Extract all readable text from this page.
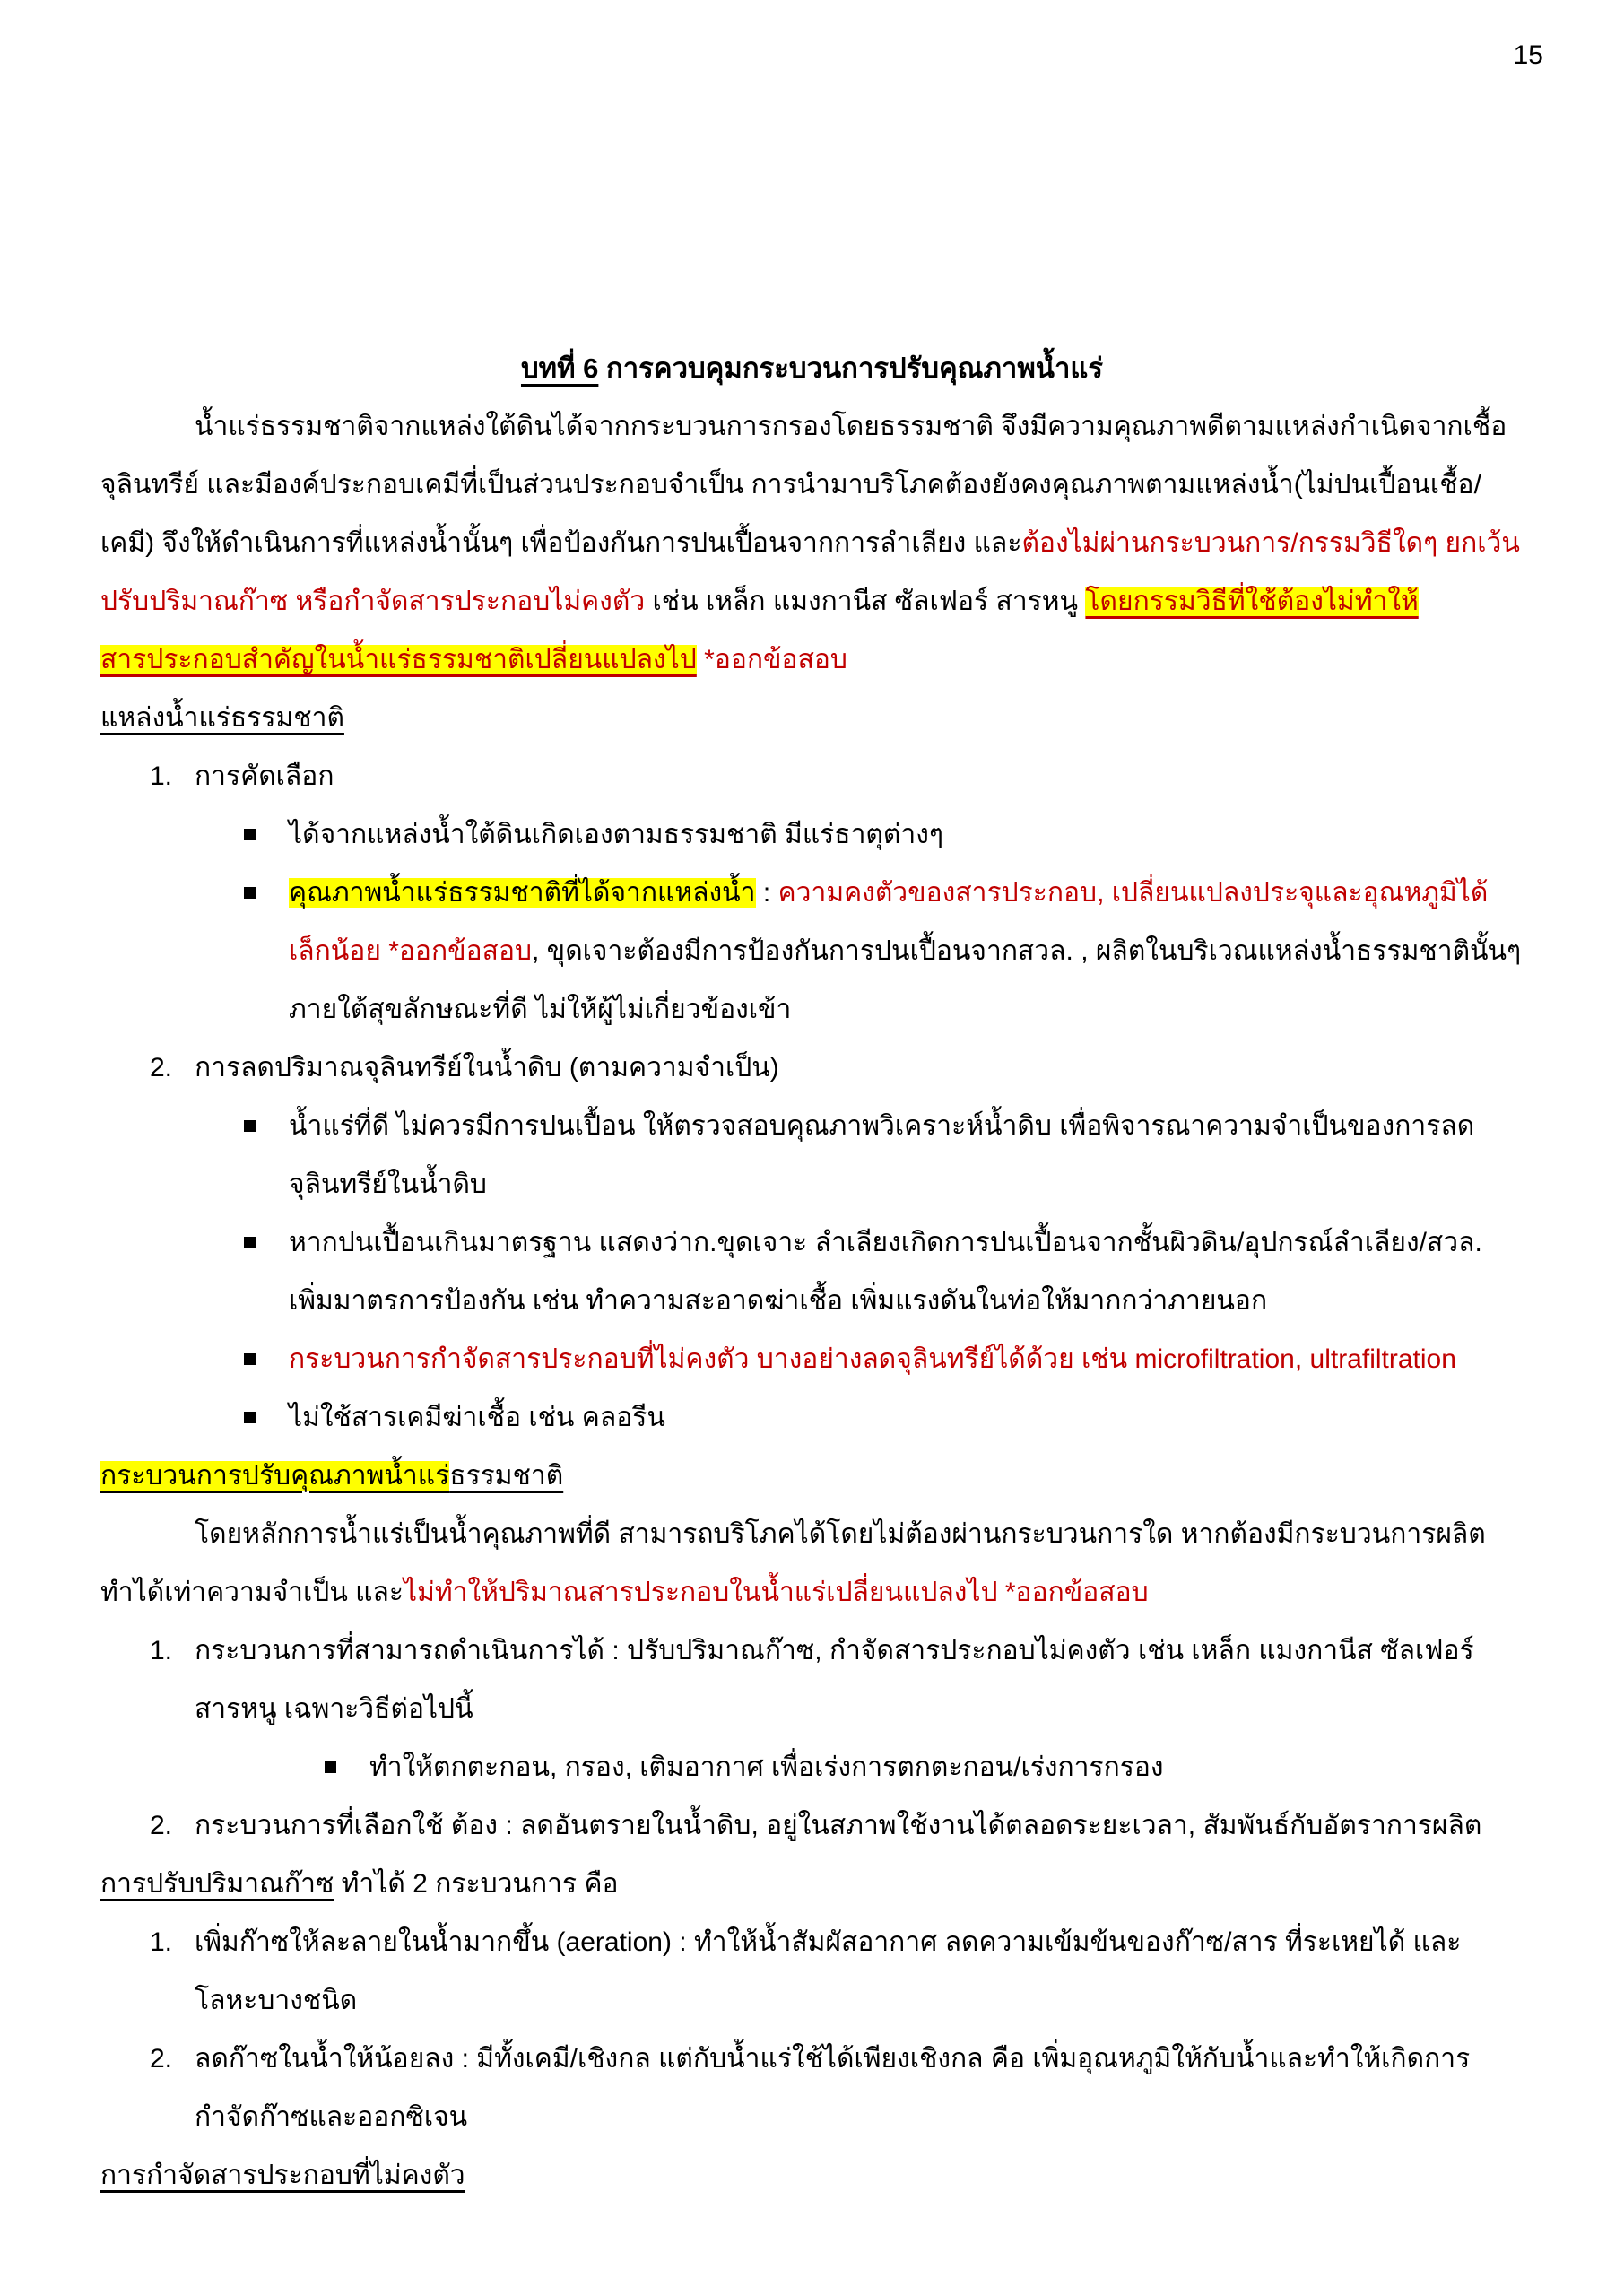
15

บทที่ 6 การควบคุมกระบวนการปรับคุณภาพน้ำแร่

น้ำแร่ธรรมชาติจากแหล่งใต้ดินได้จากกระบวนการกรองโดยธรรมชาติ จึงมีความคุณภาพดีตามแหล่งกำเนิดจากเชื้อจุลินทรีย์ และมีองค์ประกอบเคมีที่เป็นส่วนประกอบจำเป็น การนำมาบริโภคต้องยังคงคุณภาพตามแหล่งน้ำ(ไม่ปนเปื้อนเชื้อ/เคมี) จึงให้ดำเนินการที่แหล่งน้ำนั้นๆ เพื่อป้องกันการปนเปื้อนจากการลำเลียง และต้องไม่ผ่านกระบวนการ/กรรมวิธีใดๆ ยกเว้นปรับปริมาณก๊าซ หรือกำจัดสารประกอบไม่คงตัว เช่น เหล็ก แมงกานีส ซัลเฟอร์ สารหนู โดยกรรมวิธีที่ใช้ต้องไม่ทำให้สารประกอบสำคัญในน้ำแร่ธรรมชาติเปลี่ยนแปลงไป *ออกข้อสอบ

แหล่งน้ำแร่ธรรมชาติ
1. การคัดเลือก
ได้จากแหล่งน้ำใต้ดินเกิดเองตามธรรมชาติ มีแร่ธาตุต่างๆ
คุณภาพน้ำแร่ธรรมชาติที่ได้จากแหล่งน้ำ : ความคงตัวของสารประกอบ, เปลี่ยนแปลงประจุและอุณหภูมิได้เล็กน้อย *ออกข้อสอบ, ขุดเจาะต้องมีการป้องกันการปนเปื้อนจากสวล. , ผลิตในบริเวณแหล่งน้ำธรรมชาตินั้นๆ ภายใต้สุขลักษณะที่ดี ไม่ให้ผู้ไม่เกี่ยวข้องเข้า
2. การลดปริมาณจุลินทรีย์ในน้ำดิบ (ตามความจำเป็น)
น้ำแร่ที่ดี ไม่ควรมีการปนเปื้อน ให้ตรวจสอบคุณภาพวิเคราะห์น้ำดิบ เพื่อพิจารณาความจำเป็นของการลดจุลินทรีย์ในน้ำดิบ
หากปนเปื้อนเกินมาตรฐาน แสดงว่าก.ขุดเจาะ ลำเลียงเกิดการปนเปื้อนจากชั้นผิวดิน/อุปกรณ์ลำเลียง/สวล. เพิ่มมาตรการป้องกัน เช่น ทำความสะอาดฆ่าเชื้อ เพิ่มแรงดันในท่อให้มากกว่าภายนอก
กระบวนการกำจัดสารประกอบที่ไม่คงตัว บางอย่างลดจุลินทรีย์ได้ด้วย เช่น microfiltration, ultrafiltration
ไม่ใช้สารเคมีฆ่าเชื้อ เช่น คลอรีน
กระบวนการปรับคุณภาพน้ำแร่ธรรมชาติ

โดยหลักการน้ำแร่เป็นน้ำคุณภาพที่ดี สามารถบริโภคได้โดยไม่ต้องผ่านกระบวนการใด หากต้องมีกระบวนการผลิต ทำได้เท่าความจำเป็น และไม่ทำให้ปริมาณสารประกอบในน้ำแร่เปลี่ยนแปลงไป *ออกข้อสอบ

1. กระบวนการที่สามารถดำเนินการได้ : ปรับปริมาณก๊าซ, กำจัดสารประกอบไม่คงตัว เช่น เหล็ก แมงกานีส ซัลเฟอร์ สารหนู เฉพาะวิธีต่อไปนี้
ทำให้ตกตะกอน, กรอง, เติมอากาศ เพื่อเร่งการตกตะกอน/เร่งการกรอง
2. กระบวนการที่เลือกใช้ ต้อง : ลดอันตรายในน้ำดิบ, อยู่ในสภาพใช้งานได้ตลอดระยะเวลา, สัมพันธ์กับอัตราการผลิต
การปรับปริมาณก๊าซ ทำได้ 2 กระบวนการ คือ
1. เพิ่มก๊าซให้ละลายในน้ำมากขึ้น (aeration) : ทำให้น้ำสัมผัสอากาศ ลดความเข้มข้นของก๊าซ/สาร ที่ระเหยได้ และโลหะบางชนิด
2. ลดก๊าซในน้ำให้น้อยลง : มีทั้งเคมี/เชิงกล แต่กับน้ำแร่ใช้ได้เพียงเชิงกล คือ เพิ่มอุณหภูมิให้กับน้ำและทำให้เกิดการกำจัดก๊าซและออกซิเจน
การกำจัดสารประกอบที่ไม่คงตัว
